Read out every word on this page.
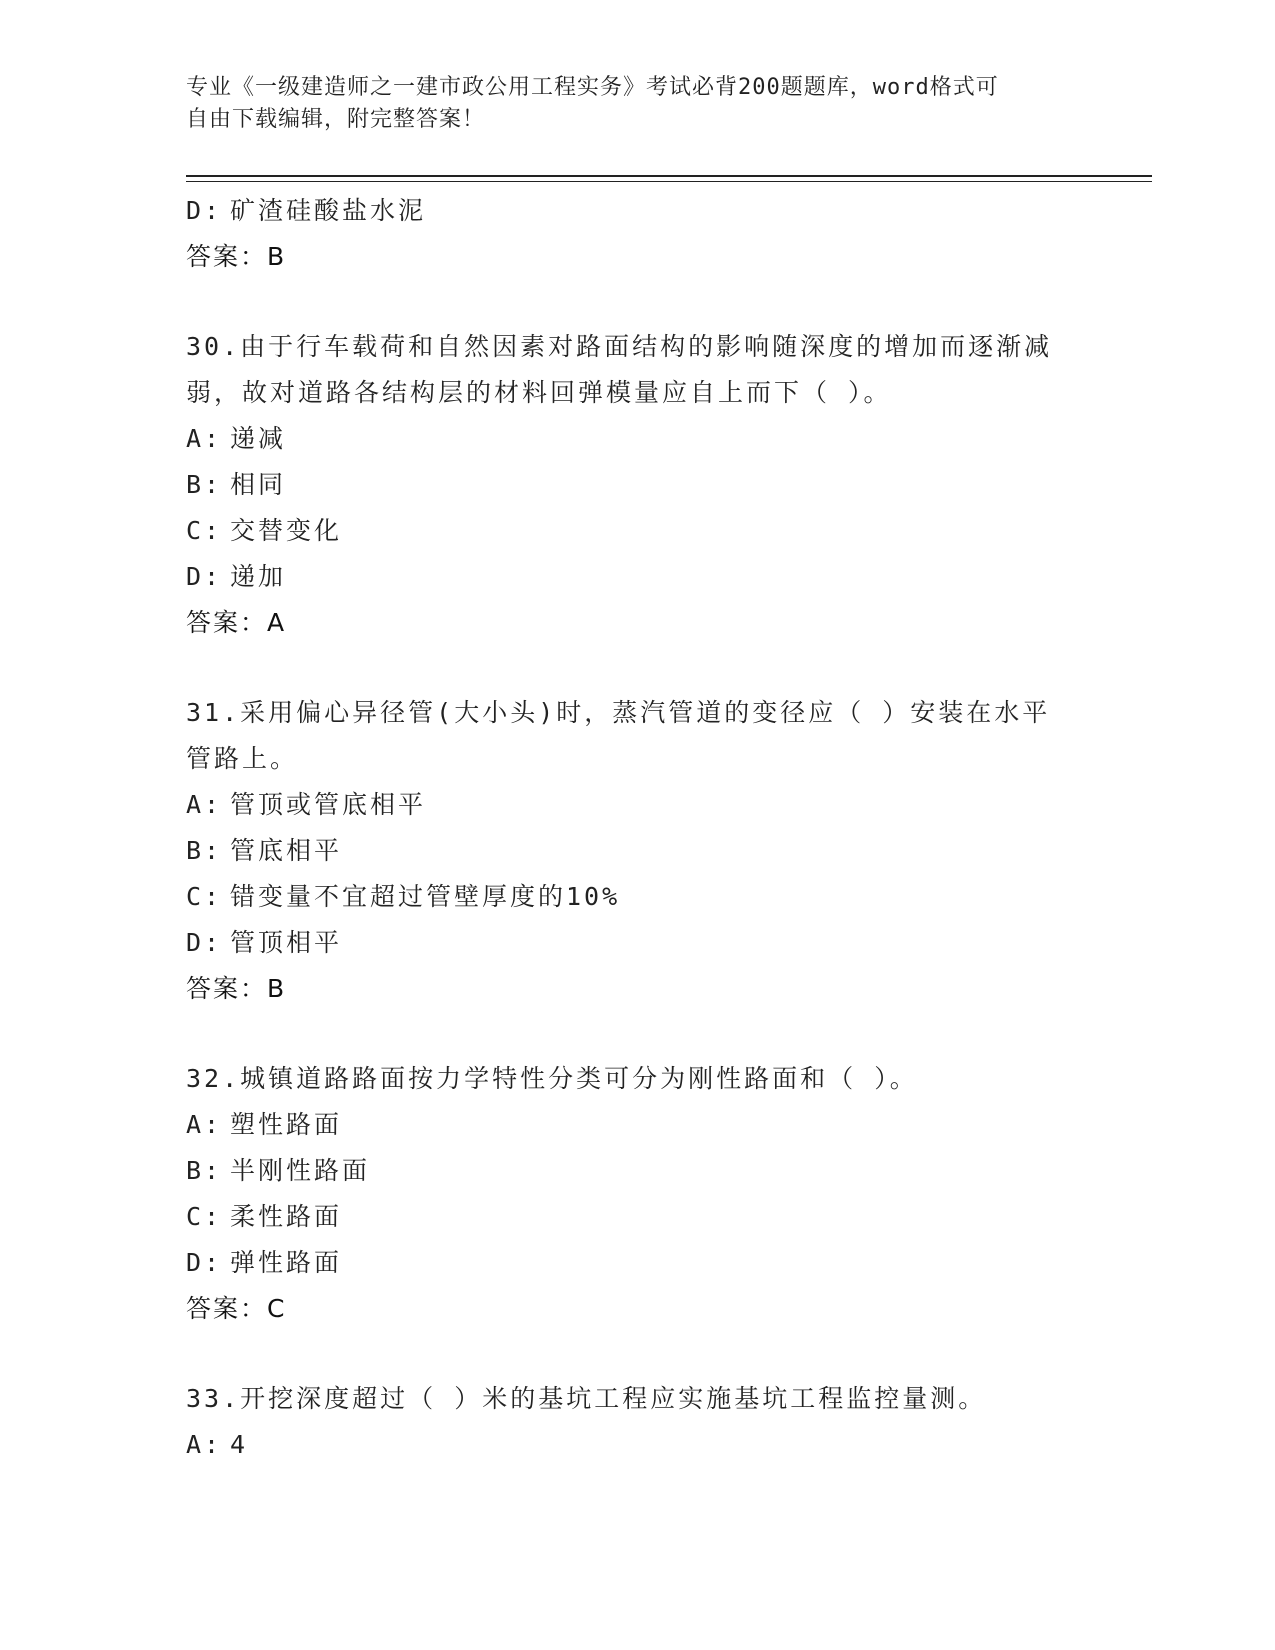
专业《一级建造师之一建市政公用工程实务》考试必背200题题库，word格式可
自由下载编辑，附完整答案！
D: 矿渣硅酸盐水泥
答案：B
30.由于行车载荷和自然因素对路面结构的影响随深度的增加而逐渐减
弱，故对道路各结构层的材料回弹模量应自上而下（ ）。
A: 递减
B: 相同
C: 交替变化
D: 递加
答案：A
31.采用偏心异径管(大小头)时，蒸汽管道的变径应（ ）安装在水平
管路上。
A: 管顶或管底相平
B: 管底相平
C: 错变量不宜超过管壁厚度的10%
D: 管顶相平
答案：B
32.城镇道路路面按力学特性分类可分为刚性路面和（ ）。
A: 塑性路面
B: 半刚性路面
C: 柔性路面
D: 弹性路面
答案：C
33.开挖深度超过（ ）米的基坑工程应实施基坑工程监控量测。
A: 4
